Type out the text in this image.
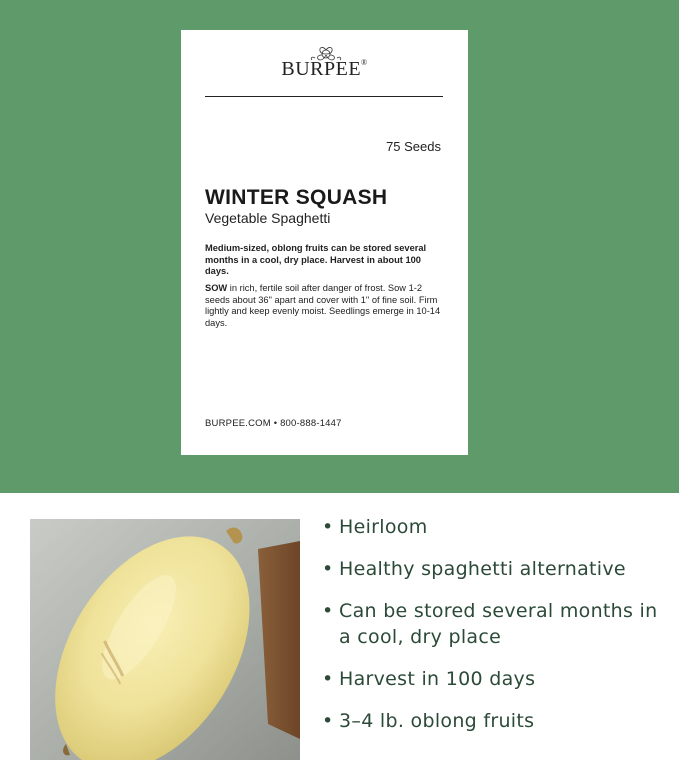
BURPEE®
75 Seeds
WINTER SQUASH
Vegetable Spaghetti
Medium-sized, oblong fruits can be stored several months in a cool, dry place. Harvest in about 100 days.
SOW in rich, fertile soil after danger of frost. Sow 1-2 seeds about 36" apart and cover with 1" of fine soil. Firm lightly and keep evenly moist. Seedlings emerge in 10-14 days.
BURPEE.COM • 800-888-1447
• Heirloom
• Healthy spaghetti alternative
• Can be stored several months in a cool, dry place
• Harvest in 100 days
• 3–4 lb. oblong fruits
